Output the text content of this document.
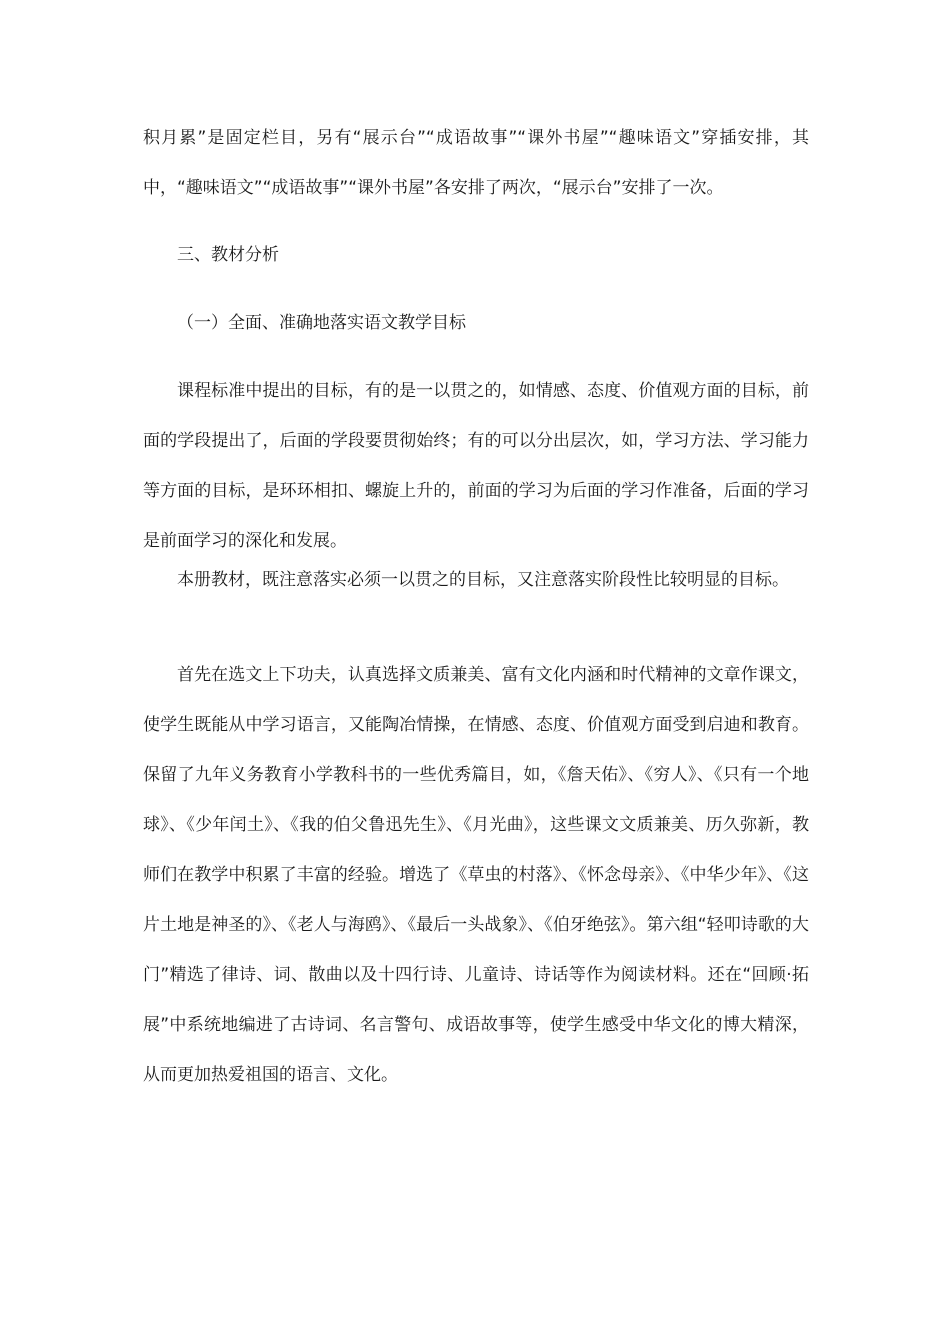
积月累”是固定栏目，另有“展示台”“成语故事”“课外书屋”“趣味语文”穿插安排，其中，“趣味语文”“成语故事”“课外书屋”各安排了两次，“展示台”安排了一次。

三、教材分析

（一）全面、准确地落实语文教学目标

课程标准中提出的目标，有的是一以贯之的，如情感、态度、价值观方面的目标，前面的学段提出了，后面的学段要贯彻始终；有的可以分出层次，如，学习方法、学习能力等方面的目标，是环环相扣、螺旋上升的，前面的学习为后面的学习作准备，后面的学习是前面学习的深化和发展。

本册教材，既注意落实必须一以贯之的目标，又注意落实阶段性比较明显的目标。

首先在选文上下功夫，认真选择文质兼美、富有文化内涵和时代精神的文章作课文，使学生既能从中学习语言，又能陶冶情操，在情感、态度、价值观方面受到启迪和教育。保留了九年义务教育小学教科书的一些优秀篇目，如，《詹天佑》、《穷人》、《只有一个地球》、《少年闰土》、《我的伯父鲁迅先生》、《月光曲》，这些课文文质兼美、历久弥新，教师们在教学中积累了丰富的经验。增选了《草虫的村落》、《怀念母亲》、《中华少年》、《这片土地是神圣的》、《老人与海鸥》、《最后一头战象》、《伯牙绝弦》。第六组“轻叩诗歌的大门”精选了律诗、词、散曲以及十四行诗、儿童诗、诗话等作为阅读材料。还在“回顾·拓展”中系统地编进了古诗词、名言警句、成语故事等，使学生感受中华文化的博大精深，从而更加热爱祖国的语言、文化。
